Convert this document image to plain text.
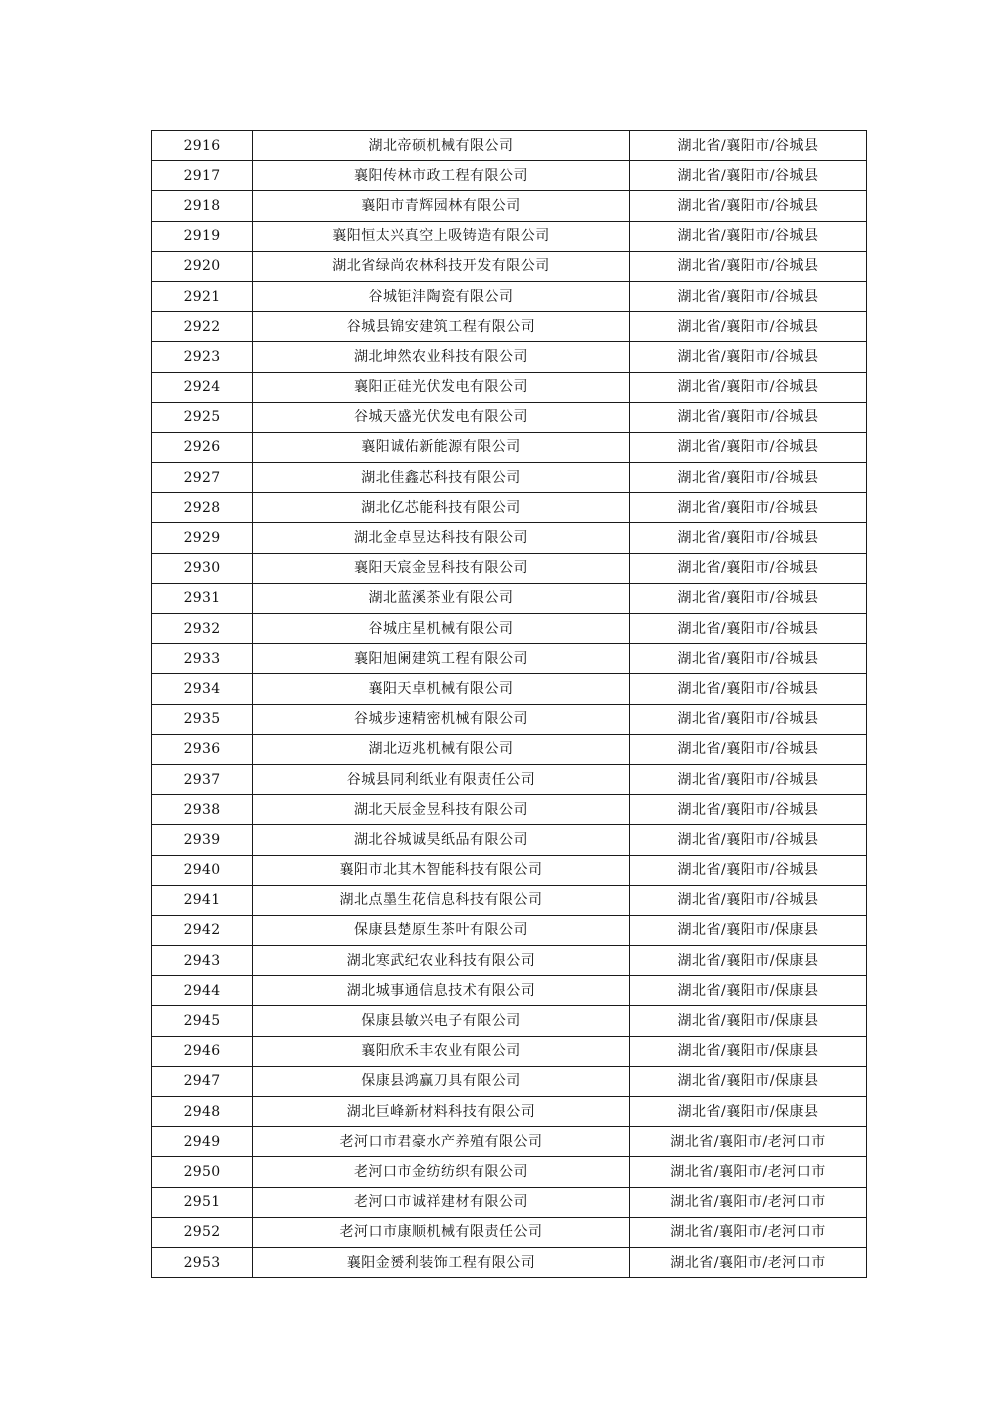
2916	湖北帝硕机械有限公司	湖北省/襄阳市/谷城县
2917	襄阳传林市政工程有限公司	湖北省/襄阳市/谷城县
2918	襄阳市青辉园林有限公司	湖北省/襄阳市/谷城县
2919	襄阳恒太兴真空上吸铸造有限公司	湖北省/襄阳市/谷城县
2920	湖北省绿尚农林科技开发有限公司	湖北省/襄阳市/谷城县
2921	谷城钜沣陶瓷有限公司	湖北省/襄阳市/谷城县
2922	谷城县锦安建筑工程有限公司	湖北省/襄阳市/谷城县
2923	湖北坤然农业科技有限公司	湖北省/襄阳市/谷城县
2924	襄阳正硅光伏发电有限公司	湖北省/襄阳市/谷城县
2925	谷城天盛光伏发电有限公司	湖北省/襄阳市/谷城县
2926	襄阳诚佑新能源有限公司	湖北省/襄阳市/谷城县
2927	湖北佳鑫芯科技有限公司	湖北省/襄阳市/谷城县
2928	湖北亿芯能科技有限公司	湖北省/襄阳市/谷城县
2929	湖北金卓昱达科技有限公司	湖北省/襄阳市/谷城县
2930	襄阳天宸金昱科技有限公司	湖北省/襄阳市/谷城县
2931	湖北蓝溪茶业有限公司	湖北省/襄阳市/谷城县
2932	谷城庄星机械有限公司	湖北省/襄阳市/谷城县
2933	襄阳旭阑建筑工程有限公司	湖北省/襄阳市/谷城县
2934	襄阳天卓机械有限公司	湖北省/襄阳市/谷城县
2935	谷城步速精密机械有限公司	湖北省/襄阳市/谷城县
2936	湖北迈兆机械有限公司	湖北省/襄阳市/谷城县
2937	谷城县同利纸业有限责任公司	湖北省/襄阳市/谷城县
2938	湖北天辰金昱科技有限公司	湖北省/襄阳市/谷城县
2939	湖北谷城诚昊纸品有限公司	湖北省/襄阳市/谷城县
2940	襄阳市北其木智能科技有限公司	湖北省/襄阳市/谷城县
2941	湖北点墨生花信息科技有限公司	湖北省/襄阳市/谷城县
2942	保康县楚原生茶叶有限公司	湖北省/襄阳市/保康县
2943	湖北寒武纪农业科技有限公司	湖北省/襄阳市/保康县
2944	湖北城事通信息技术有限公司	湖北省/襄阳市/保康县
2945	保康县敏兴电子有限公司	湖北省/襄阳市/保康县
2946	襄阳欣禾丰农业有限公司	湖北省/襄阳市/保康县
2947	保康县鸿赢刀具有限公司	湖北省/襄阳市/保康县
2948	湖北巨峰新材料科技有限公司	湖北省/襄阳市/保康县
2949	老河口市君豪水产养殖有限公司	湖北省/襄阳市/老河口市
2950	老河口市金纺纺织有限公司	湖北省/襄阳市/老河口市
2951	老河口市诚祥建材有限公司	湖北省/襄阳市/老河口市
2952	老河口市康顺机械有限责任公司	湖北省/襄阳市/老河口市
2953	襄阳金赟利装饰工程有限公司	湖北省/襄阳市/老河口市
